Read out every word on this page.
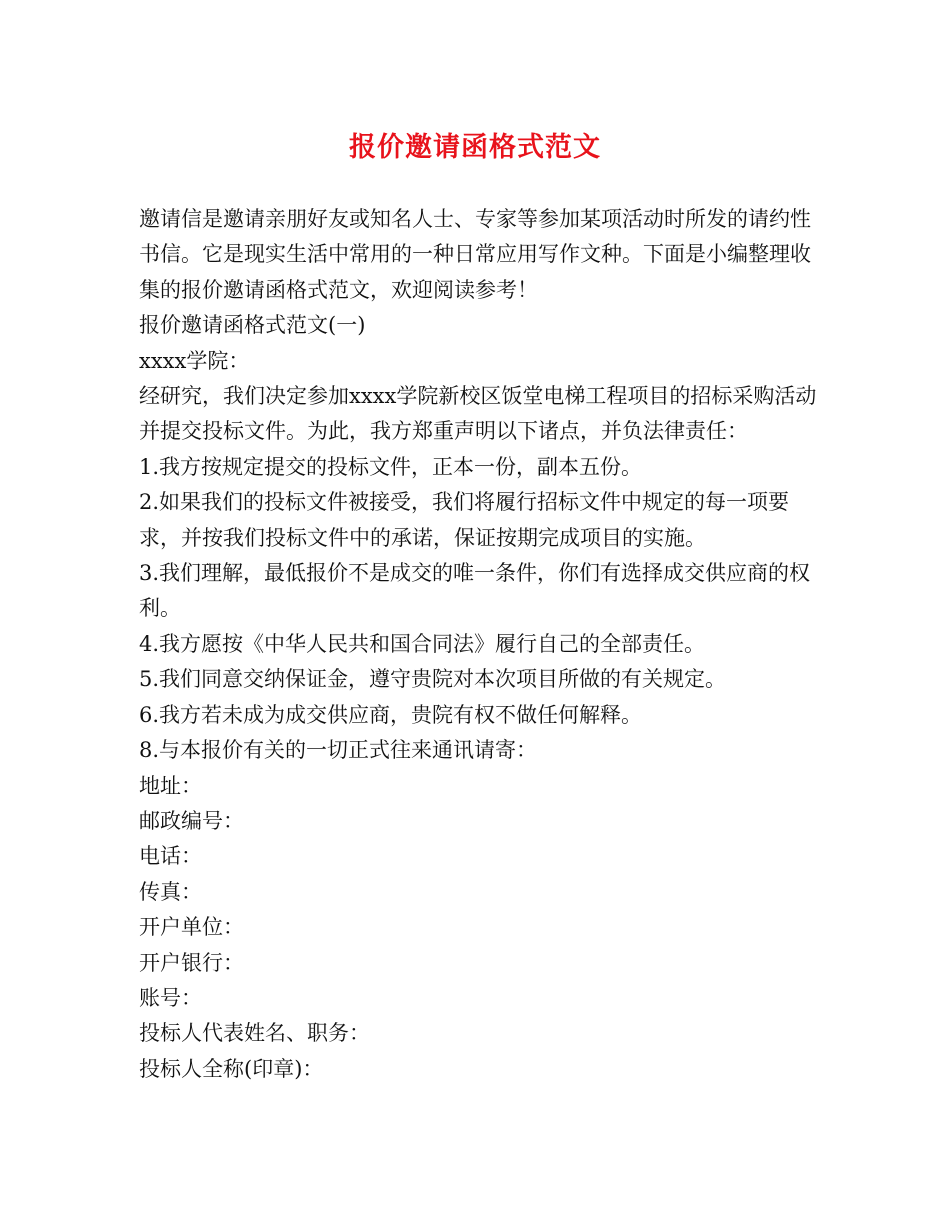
报价邀请函格式范文

邀请信是邀请亲朋好友或知名人士、专家等参加某项活动时所发的请约性书信。它是现实生活中常用的一种日常应用写作文种。下面是小编整理收集的报价邀请函格式范文，欢迎阅读参考！

报价邀请函格式范文(一)

xxxx学院：

经研究，我们决定参加xxxx学院新校区饭堂电梯工程项目的招标采购活动并提交投标文件。为此，我方郑重声明以下诸点，并负法律责任：

1.我方按规定提交的投标文件，正本一份，副本五份。

2.如果我们的投标文件被接受，我们将履行招标文件中规定的每一项要求，并按我们投标文件中的承诺，保证按期完成项目的实施。

3.我们理解，最低报价不是成交的唯一条件，你们有选择成交供应商的权利。

4.我方愿按《中华人民共和国合同法》履行自己的全部责任。

5.我们同意交纳保证金，遵守贵院对本次项目所做的有关规定。

6.我方若未成为成交供应商，贵院有权不做任何解释。

8.与本报价有关的一切正式往来通讯请寄：

地址：

邮政编号：

电话：

传真：

开户单位：

开户银行：

账号：

投标人代表姓名、职务：

投标人全称(印章)：
